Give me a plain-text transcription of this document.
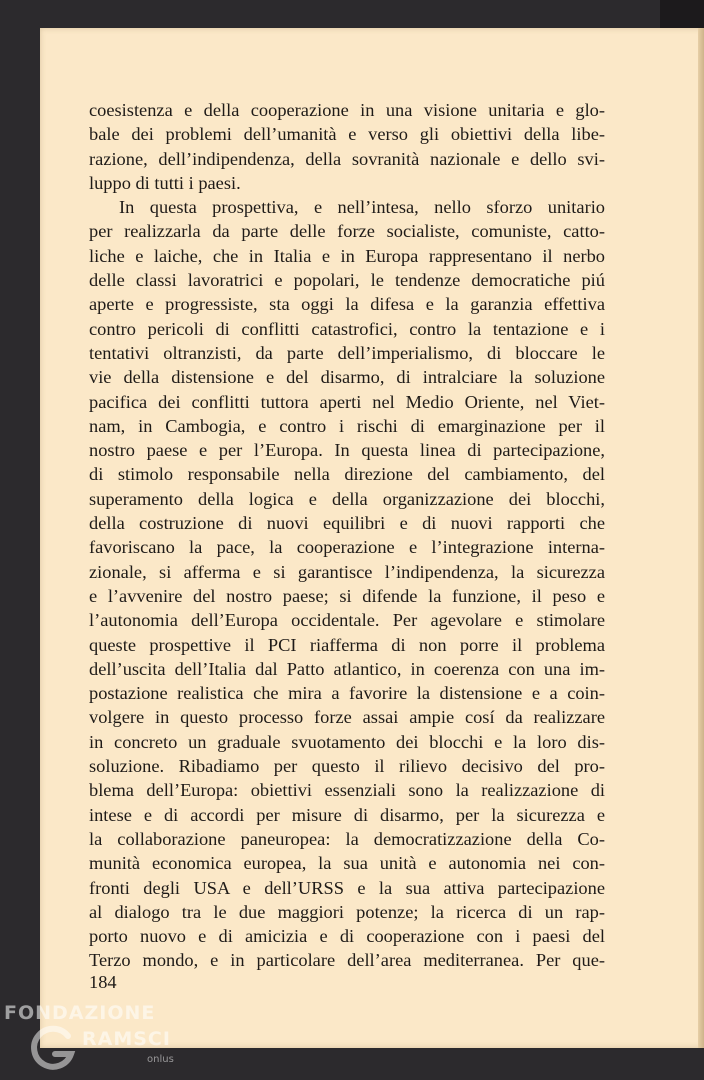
coesistenza e della cooperazione in una visione unitaria e glo-
bale dei problemi dell’umanità e verso gli obiettivi della libe-
razione, dell’indipendenza, della sovranità nazionale e dello svi-
luppo di tutti i paesi.
In questa prospettiva, e nell’intesa, nello sforzo unitario
per realizzarla da parte delle forze socialiste, comuniste, catto-
liche e laiche, che in Italia e in Europa rappresentano il nerbo
delle classi lavoratrici e popolari, le tendenze democratiche piú
aperte e progressiste, sta oggi la difesa e la garanzia effettiva
contro pericoli di conflitti catastrofici, contro la tentazione e i
tentativi oltranzisti, da parte dell’imperialismo, di bloccare le
vie della distensione e del disarmo, di intralciare la soluzione
pacifica dei conflitti tuttora aperti nel Medio Oriente, nel Viet-
nam, in Cambogia, e contro i rischi di emarginazione per il
nostro paese e per l’Europa. In questa linea di partecipazione,
di stimolo responsabile nella direzione del cambiamento, del
superamento della logica e della organizzazione dei blocchi,
della costruzione di nuovi equilibri e di nuovi rapporti che
favoriscano la pace, la cooperazione e l’integrazione interna-
zionale, si afferma e si garantisce l’indipendenza, la sicurezza
e l’avvenire del nostro paese; si difende la funzione, il peso e
l’autonomia dell’Europa occidentale. Per agevolare e stimolare
queste prospettive il PCI riafferma di non porre il problema
dell’uscita dell’Italia dal Patto atlantico, in coerenza con una im-
postazione realistica che mira a favorire la distensione e a coin-
volgere in questo processo forze assai ampie cosí da realizzare
in concreto un graduale svuotamento dei blocchi e la loro dis-
soluzione. Ribadiamo per questo il rilievo decisivo del pro-
blema dell’Europa: obiettivi essenziali sono la realizzazione di
intese e di accordi per misure di disarmo, per la sicurezza e
la collaborazione paneuropea: la democratizzazione della Co-
munità economica europea, la sua unità e autonomia nei con-
fronti degli USA e dell’URSS e la sua attiva partecipazione
al dialogo tra le due maggiori potenze; la ricerca di un rap-
porto nuovo e di amicizia e di cooperazione con i paesi del
Terzo mondo, e in particolare dell’area mediterranea. Per que-
184
FONDAZIONE
RAMSCI
onlus
